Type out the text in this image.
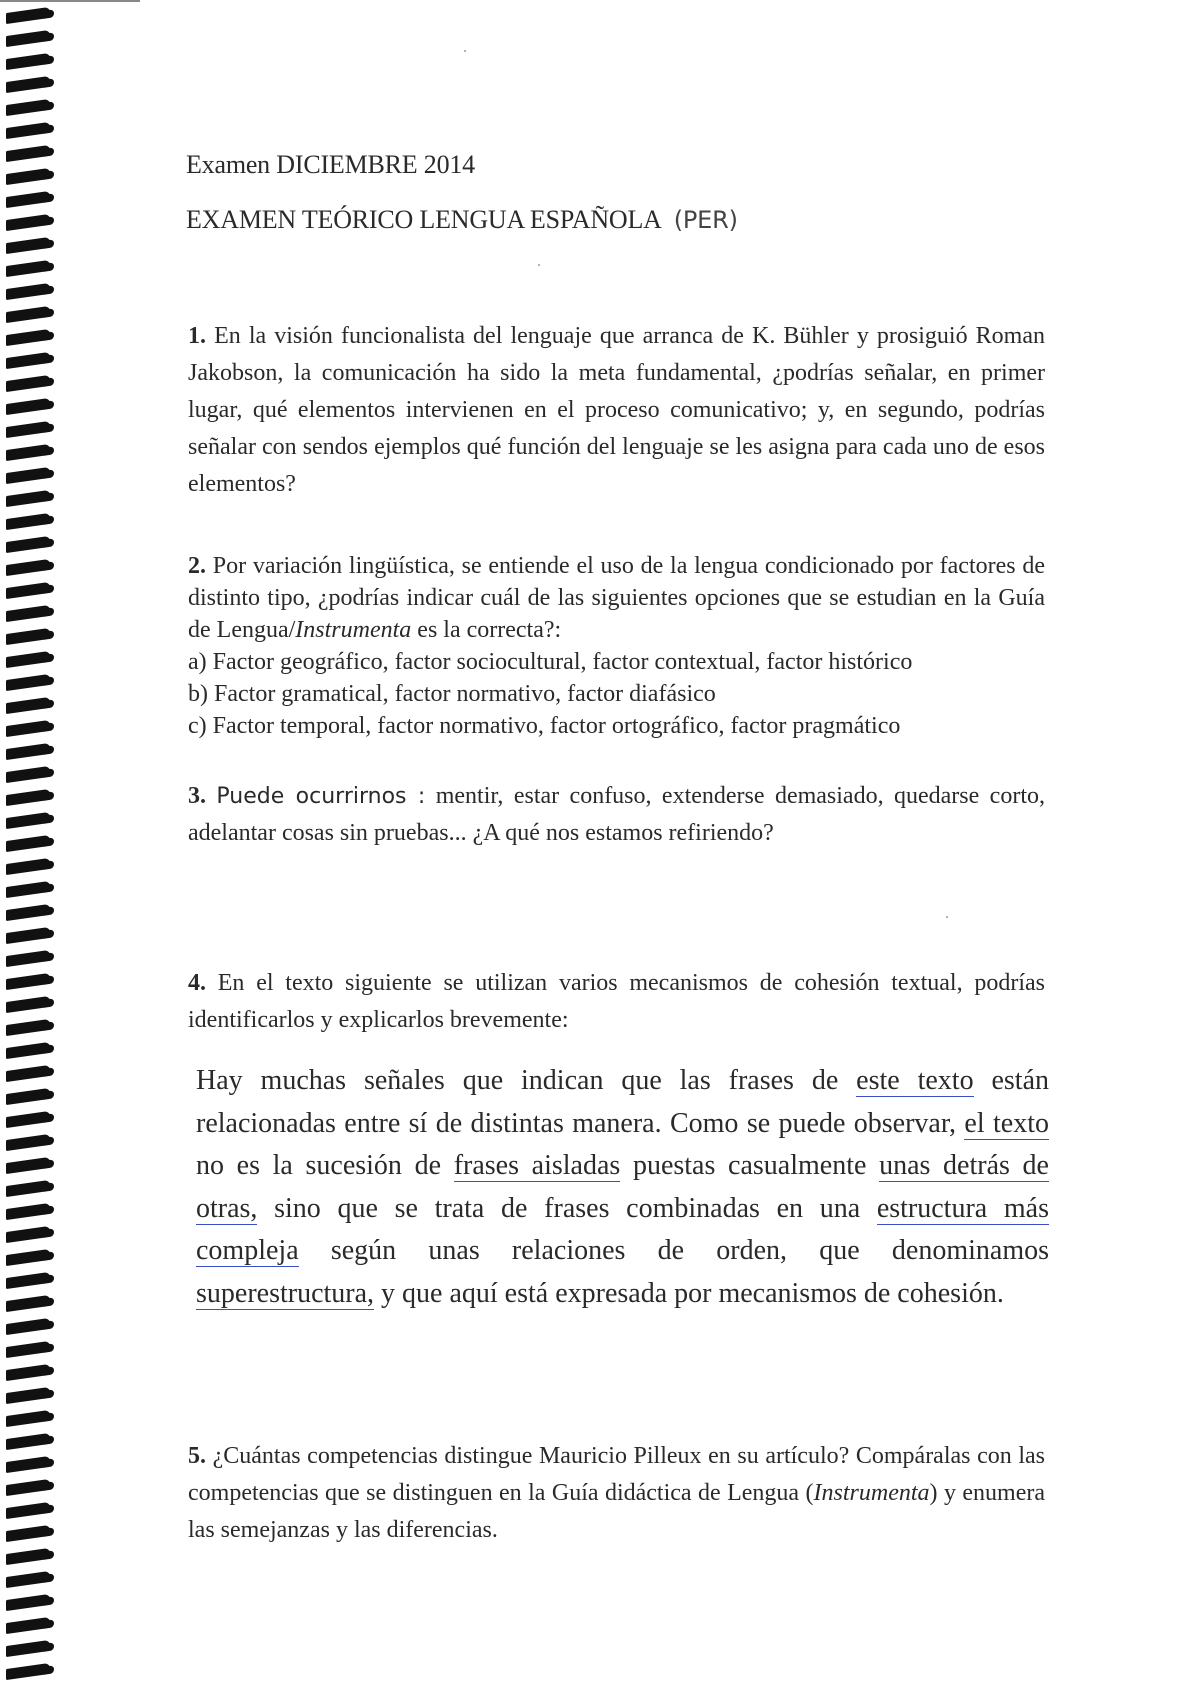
Examen DICIEMBRE 2014
EXAMEN TEÓRICO LENGUA ESPAÑOLA (PER)
1. En la visión funcionalista del lenguaje que arranca de K. Bühler y prosiguió Roman Jakobson, la comunicación ha sido la meta fundamental, ¿podrías señalar, en primer lugar, qué elementos intervienen en el proceso comunicativo; y, en segundo, podrías señalar con sendos ejemplos qué función del lenguaje se les asigna para cada uno de esos elementos?
2. Por variación lingüística, se entiende el uso de la lengua condicionado por factores de distinto tipo, ¿podrías indicar cuál de las siguientes opciones que se estudian en la Guía de Lengua/Instrumenta es la correcta?:
a) Factor geográfico, factor sociocultural, factor contextual, factor histórico
b) Factor gramatical, factor normativo, factor diafásico
c) Factor temporal, factor normativo, factor ortográfico, factor pragmático
3. Puede ocurrirnos : mentir, estar confuso, extenderse demasiado, quedarse corto, adelantar cosas sin pruebas... ¿A qué nos estamos refiriendo?
4. En el texto siguiente se utilizan varios mecanismos de cohesión textual, podrías identificarlos y explicarlos brevemente:
Hay muchas señales que indican que las frases de este texto están relacionadas entre sí de distintas manera. Como se puede observar, el texto no es la sucesión de frases aisladas puestas casualmente unas detrás de otras, sino que se trata de frases combinadas en una estructura más compleja según unas relaciones de orden, que denominamos superestructura, y que aquí está expresada por mecanismos de cohesión.
5. ¿Cuántas competencias distingue Mauricio Pilleux en su artículo? Compáralas con las competencias que se distinguen en la Guía didáctica de Lengua (Instrumenta) y enumera las semejanzas y las diferencias.
